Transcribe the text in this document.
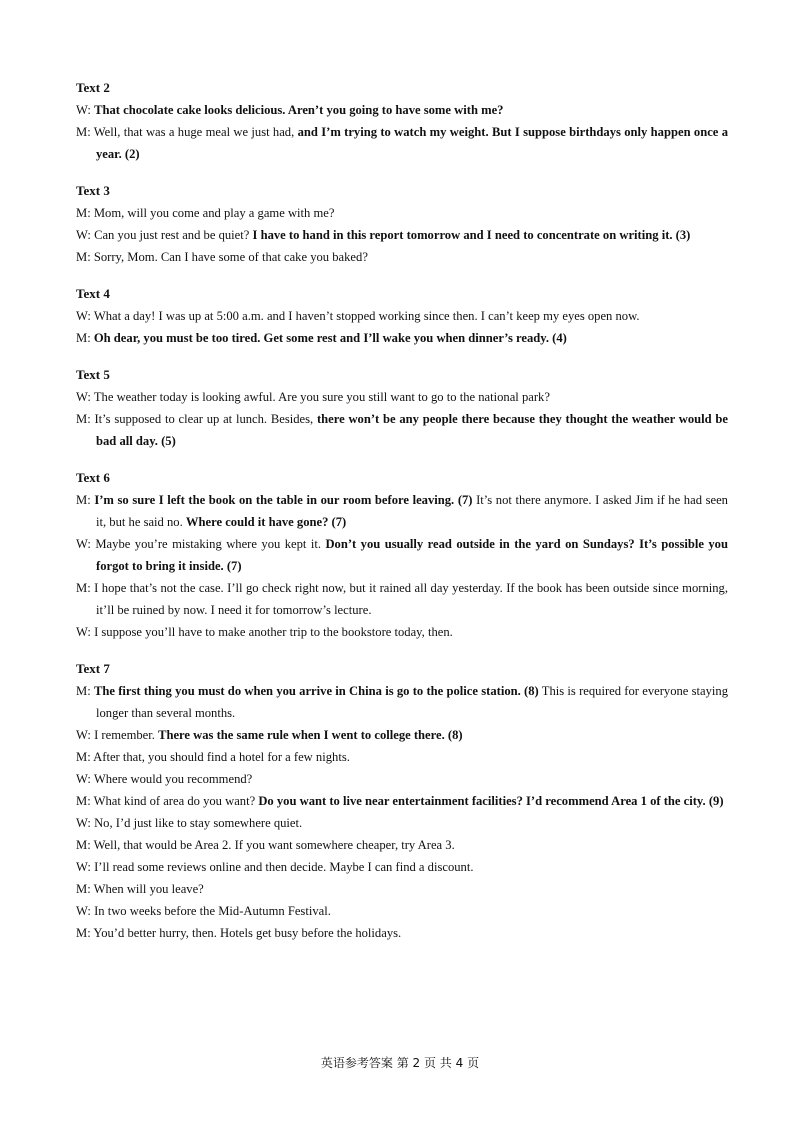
Text 2
W: That chocolate cake looks delicious. Aren’t you going to have some with me?
M: Well, that was a huge meal we just had, and I’m trying to watch my weight. But I suppose birthdays only happen once a year. (2)
Text 3
M: Mom, will you come and play a game with me?
W: Can you just rest and be quiet? I have to hand in this report tomorrow and I need to concentrate on writing it. (3)
M: Sorry, Mom. Can I have some of that cake you baked?
Text 4
W: What a day! I was up at 5:00 a.m. and I haven’t stopped working since then. I can’t keep my eyes open now.
M: Oh dear, you must be too tired. Get some rest and I’ll wake you when dinner’s ready. (4)
Text 5
W: The weather today is looking awful. Are you sure you still want to go to the national park?
M: It’s supposed to clear up at lunch. Besides, there won’t be any people there because they thought the weather would be bad all day. (5)
Text 6
M: I’m so sure I left the book on the table in our room before leaving. (7) It’s not there anymore. I asked Jim if he had seen it, but he said no. Where could it have gone? (7)
W: Maybe you’re mistaking where you kept it. Don’t you usually read outside in the yard on Sundays? It’s possible you forgot to bring it inside. (7)
M: I hope that’s not the case. I’ll go check right now, but it rained all day yesterday. If the book has been outside since morning, it’ll be ruined by now. I need it for tomorrow’s lecture.
W: I suppose you’ll have to make another trip to the bookstore today, then.
Text 7
M: The first thing you must do when you arrive in China is go to the police station. (8) This is required for everyone staying longer than several months.
W: I remember. There was the same rule when I went to college there. (8)
M: After that, you should find a hotel for a few nights.
W: Where would you recommend?
M: What kind of area do you want? Do you want to live near entertainment facilities? I’d recommend Area 1 of the city. (9)
W: No, I’d just like to stay somewhere quiet.
M: Well, that would be Area 2. If you want somewhere cheaper, try Area 3.
W: I’ll read some reviews online and then decide. Maybe I can find a discount.
M: When will you leave?
W: In two weeks before the Mid-Autumn Festival.
M: You’d better hurry, then. Hotels get busy before the holidays.
英语参考答案 第 2 页 共 4 页
